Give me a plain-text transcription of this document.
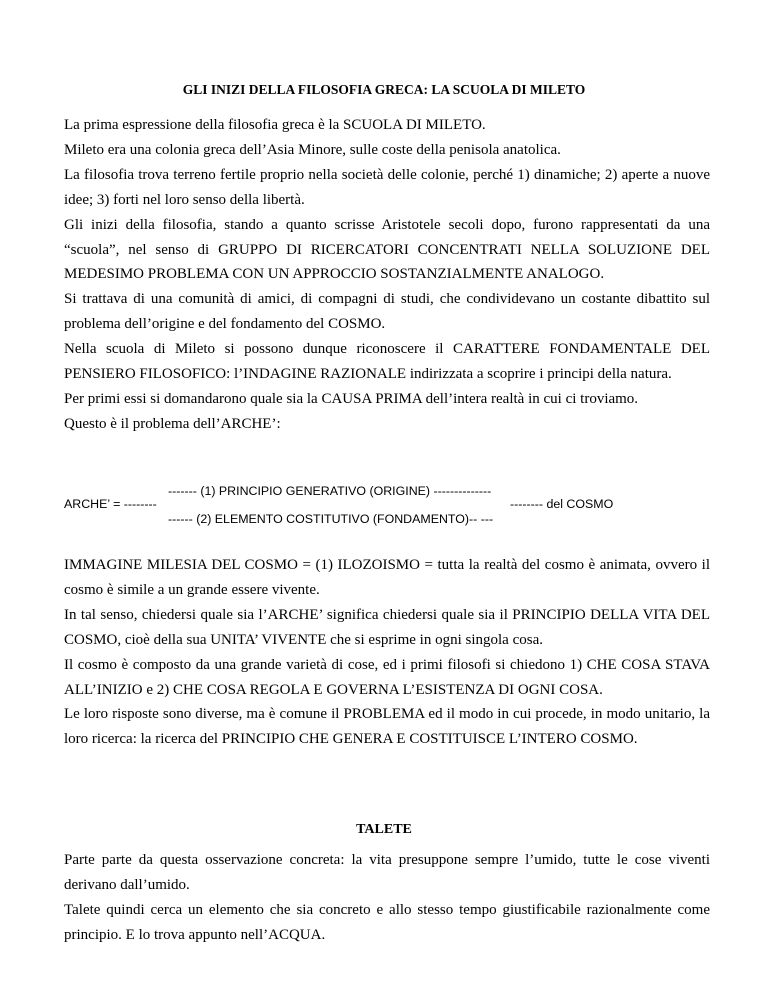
GLI INIZI DELLA FILOSOFIA GRECA: LA SCUOLA DI MILETO

La prima espressione della filosofia greca è la SCUOLA DI MILETO.

Mileto era una colonia greca dell’Asia Minore, sulle coste della penisola anatolica.

La filosofia trova terreno fertile proprio nella società delle colonie, perché 1) dinamiche; 2) aperte a nuove idee; 3) forti nel loro senso della libertà.

Gli inizi della filosofia, stando a quanto scrisse Aristotele secoli dopo, furono rappresentati da una “scuola”, nel senso di GRUPPO DI RICERCATORI CONCENTRATI NELLA SOLUZIONE DEL MEDESIMO PROBLEMA CON UN APPROCCIO SOSTANZIALMENTE ANALOGO.

Si trattava di una comunità di amici, di compagni di studi, che condividevano un costante dibattito sul problema dell’origine e del fondamento del COSMO.

Nella scuola di Mileto si possono dunque riconoscere il CARATTERE FONDAMENTALE DEL PENSIERO FILOSOFICO: l’INDAGINE RAZIONALE indirizzata a scoprire i principi della natura.

Per primi essi si domandarono quale sia la CAUSA PRIMA dell’intera realtà in cui ci troviamo.

Questo è il problema dell’ARCHE’:

------- (1) PRINCIPIO GENERATIVO (ORIGINE) --------------
ARCHE’ = --------	-------- del COSMO
------ (2) ELEMENTO COSTITUTIVO (FONDAMENTO)-- ---

IMMAGINE MILESIA DEL COSMO = (1) ILOZOISMO = tutta la realtà del cosmo è animata, ovvero il cosmo è simile a un grande essere vivente.

In tal senso, chiedersi quale sia l’ARCHE’ significa chiedersi quale sia il PRINCIPIO DELLA VITA DEL COSMO, cioè della sua UNITA’ VIVENTE che si esprime in ogni singola cosa.

Il cosmo è composto da una grande varietà di cose, ed i primi filosofi si chiedono 1) CHE COSA STAVA ALL’INIZIO e 2) CHE COSA REGOLA E GOVERNA L’ESISTENZA DI OGNI COSA.

Le loro risposte sono diverse, ma è comune il PROBLEMA ed il modo in cui procede, in modo unitario, la loro ricerca: la ricerca del PRINCIPIO CHE GENERA E COSTITUISCE L’INTERO COSMO.

TALETE

Parte parte da questa osservazione concreta: la vita presuppone sempre l’umido, tutte le cose viventi derivano dall’umido.

Talete quindi cerca un elemento che sia concreto e allo stesso tempo giustificabile razionalmente come principio. E lo trova appunto nell’ACQUA.
